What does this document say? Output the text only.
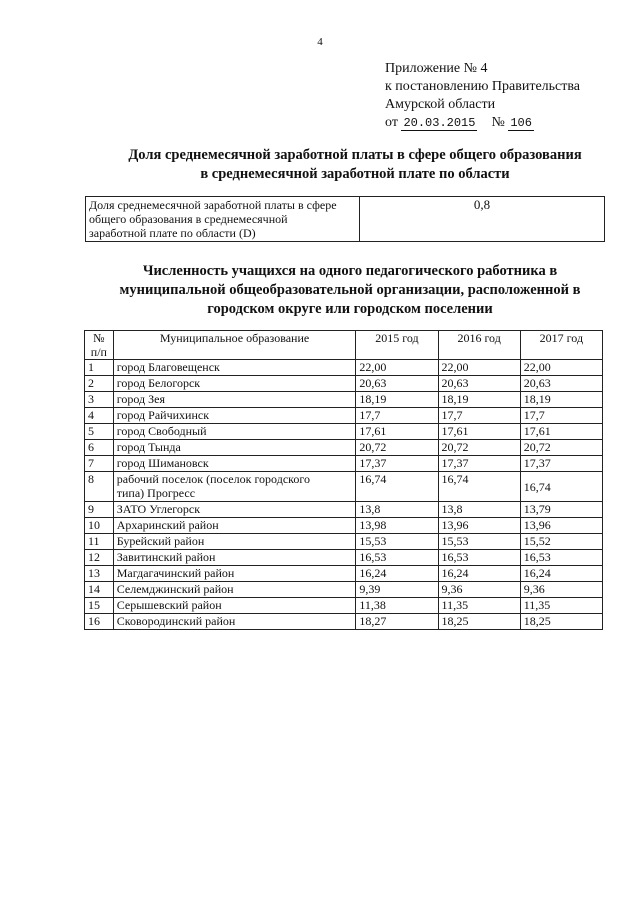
4
Приложение № 4
к постановлению Правительства
Амурской области
от 20.03.2015 № 106
Доля среднемесячной заработной платы в сфере общего образования
в среднемесячной заработной плате по области
Доля среднемесячной заработной платы в сфере
общего образования в среднемесячной
заработной плате по области (D)
	0,8
Численность учащихся на одного педагогического работника в
муниципальной общеобразовательной организации, расположенной в
городском округе или городском поселении
№
п/п	Муниципальное образование	2015 год	2016 год	2017 год
1	город Благовещенск	22,00	22,00	22,00
2	город Белогорск	20,63	20,63	20,63
3	город Зея	18,19	18,19	18,19
4	город Райчихинск	17,7	17,7	17,7
5	город Свободный	17,61	17,61	17,61
6	город Тында	20,72	20,72	20,72
7	город Шимановск	17,37	17,37	17,37
8	рабочий поселок (поселок городского
типа) Прогресс	16,74	16,74	16,74
9	ЗАТО Углегорск	13,8	13,8	13,79
10	Архаринский район	13,98	13,96	13,96
11	Бурейский район	15,53	15,53	15,52
12	Завитинский район	16,53	16,53	16,53
13	Магдагачинский район	16,24	16,24	16,24
14	Селемджинский район	9,39	9,36	9,36
15	Серышевский район	11,38	11,35	11,35
16	Сковородинский район	18,27	18,25	18,25
